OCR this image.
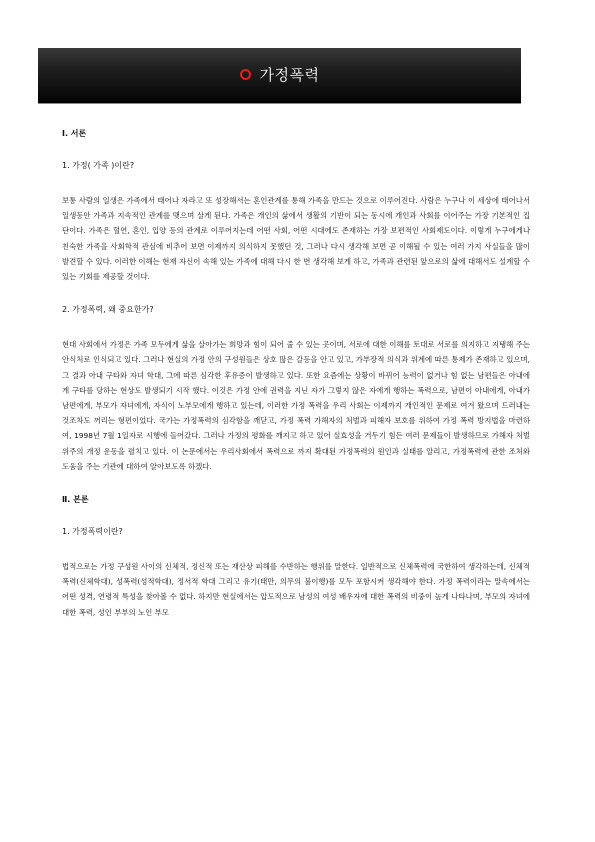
가정폭력

Ⅰ. 서론

1. 가정( 가족 )이란?

보통 사람의 일생은 가족에서 태어나 자라고 또 성장해서는 혼인관계를 통해 가족을 만드는 것으로 이루어진다. 사람은 누구나 이 세상에 태어나서 일생동안 가족과 지속적인 관계를 맺으며 살게 된다. 가족은 개인의 삶에서 생활의 기반이 되는 동시에 개인과 사회를 이어주는 가장 기본적인 집단이다. 가족은 혈연, 혼인, 입양 등의 관계로 이루어지는데 어떤 사회, 어떤 시대에도 존재하는 가장 보편적인 사회제도이다. 이렇게 누구에게나 친숙한 가족을 사회학적 관심에 비추어 보면 이제까지 의식하지 못했던 것, 그러나 다시 생각해 보면 곧 이해될 수 있는 여러 가지 사실들을 많이 발견할 수 있다. 이러한 이해는 현재 자신이 속해 있는 가족에 대해 다시 한 번 생각해 보게 하고, 가족과 관련된 앞으로의 삶에 대해서도 설계할 수 있는 기회를 제공할 것이다.

2. 가정폭력, 왜 중요한가?

현대 사회에서 가정은 가족 모두에게 삶을 살아가는 희망과 힘이 되어 줄 수 있는 곳이며, 서로에 대한 이해를 토대로 서로를 의지하고 지탱해 주는 안식처로 인식되고 있다. 그러나 현실의 가정 안의 구성원들은 상호 많은 갈등을 안고 있고, 가부장적 의식과 위계에 따른 통제가 존재하고 있으며, 그 결과 아내 구타와 자녀 학대, 그에 따른 심각한 후유증이 발생하고 있다. 또한 요즘에는 상황이 바뀌어 능력이 없거나 힘 없는 남편들은 아내에게 구타를 당하는 현상도 발생되기 시작 했다. 이것은 가정 안에 권력을 지닌 자가 그렇지 않은 자에게 행하는 폭력으로, 남편이 아내에게, 아내가 남편에게, 부모가 자녀에게, 자식이 노부모에게 행하고 있는데, 이러한 가정 폭력을 우리 사회는 이제까지 개인적인 문제로 여겨 왔으며 드러내는 것조차도 꺼리는 형편이었다. 국가는 가정폭력의 심각함을 깨닫고, 가정 폭력 가해자의 처벌과 피해자 보호를 위하여 가정 폭력 방지법을 마련하여, 1998년 7월 1일자로 시행에 들어갔다. 그러나 가정의 평화를 깨지고 하고 있어 실효성을 거두기 힘든 여러 문제들이 발생하므로 가해자 처벌 위주의 개정 운동을 펼치고 있다. 이 논문에서는 우리사회에서 폭력으로 까지 확대된 가정폭력의 원인과 실태를 알리고, 가정폭력에 관한 조처와 도움을 주는 기관에 대하여 알아보도록 하겠다.

Ⅱ. 본론

1. 가정폭력이란?

법적으로는 가정 구성원 사이의 신체적, 정신적 또는 재산상 피해를 수반하는 행위를 말한다. 일반적으로 신체폭력에 국한하여 생각하는데, 신체적 폭력(신체학대), 성폭력(성적학대), 정서적 학대 그리고 유기(태만, 의무의 불이행)를 모두 포함시켜 생각해야 한다. 가정 폭력이라는 말속에서는 어떤 성격, 연령적 특성을 찾아볼 수 없다. 하지만 현실에서는 압도적으로 남성의 여성 배우자에 대한 폭력의 비중이 높게 나타나며, 부모의 자녀에 대한 폭력, 성인 부부의 노인 부모
